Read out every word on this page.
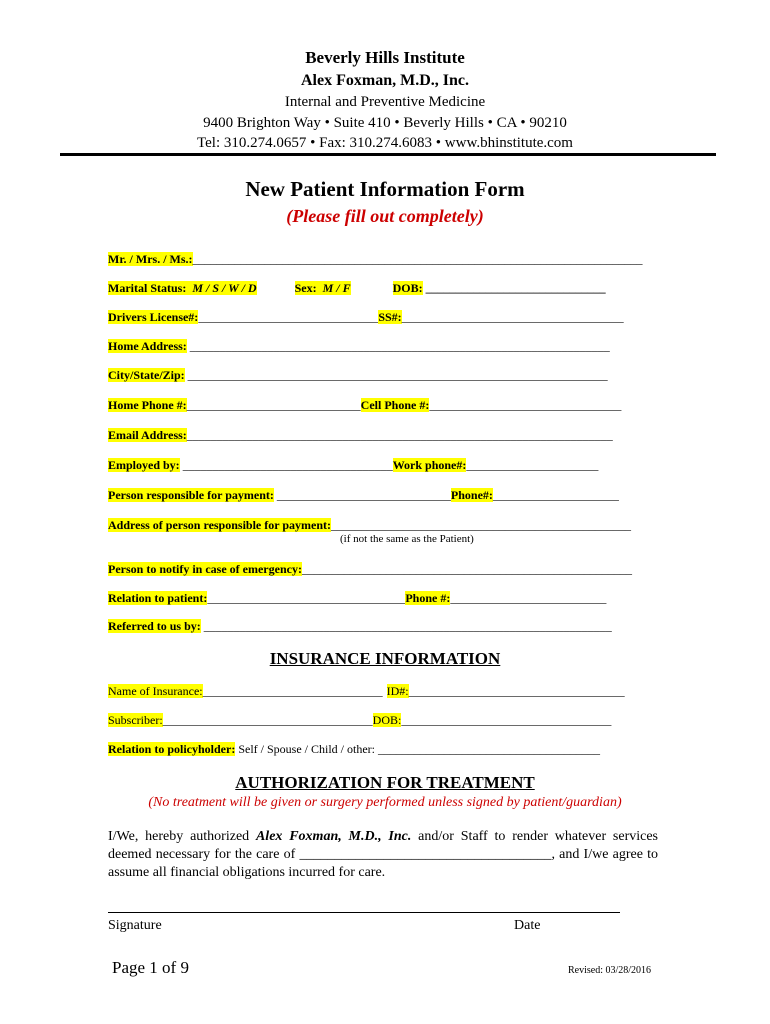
Beverly Hills Institute
Alex Foxman, M.D., Inc.
Internal and Preventive Medicine
9400 Brighton Way • Suite 410 • Beverly Hills • CA • 90210
Tel: 310.274.0657 • Fax: 310.274.6083 • www.bhinstitute.com
New Patient Information Form
(Please fill out completely)
Mr. / Mrs. / Ms.:___________________________________________________________________________
Marital Status: M / S / W / D	Sex: M / F	DOB: ______________________________
Drivers License#:______________________________SS#:_____________________________________
Home Address: ______________________________________________________________________
City/State/Zip: ______________________________________________________________________
Home Phone #:_____________________________Cell Phone #:________________________________
Email Address:_______________________________________________________________________
Employed by: ___________________________________Work phone#:______________________
Person responsible for payment: _____________________________Phone#:_____________________
Address of person responsible for payment:__________________________________________________
(if not the same as the Patient)
Person to notify in case of emergency:_______________________________________________________
Relation to patient:_________________________________Phone #:__________________________
Referred to us by: ____________________________________________________________________
INSURANCE INFORMATION
Name of Insurance:______________________________ ID#:____________________________________
Subscriber:___________________________________DOB:___________________________________
Relation to policyholder: Self / Spouse / Child / other: _____________________________________
AUTHORIZATION FOR TREATMENT
(No treatment will be given or surgery performed unless signed by patient/guardian)
I/We, hereby authorized Alex Foxman, M.D., Inc. and/or Staff to render whatever services deemed necessary for the care of ____________________________________, and I/we agree to assume all financial obligations incurred for care.
Signature	Date
Page 1 of 9	Revised: 03/28/2016
